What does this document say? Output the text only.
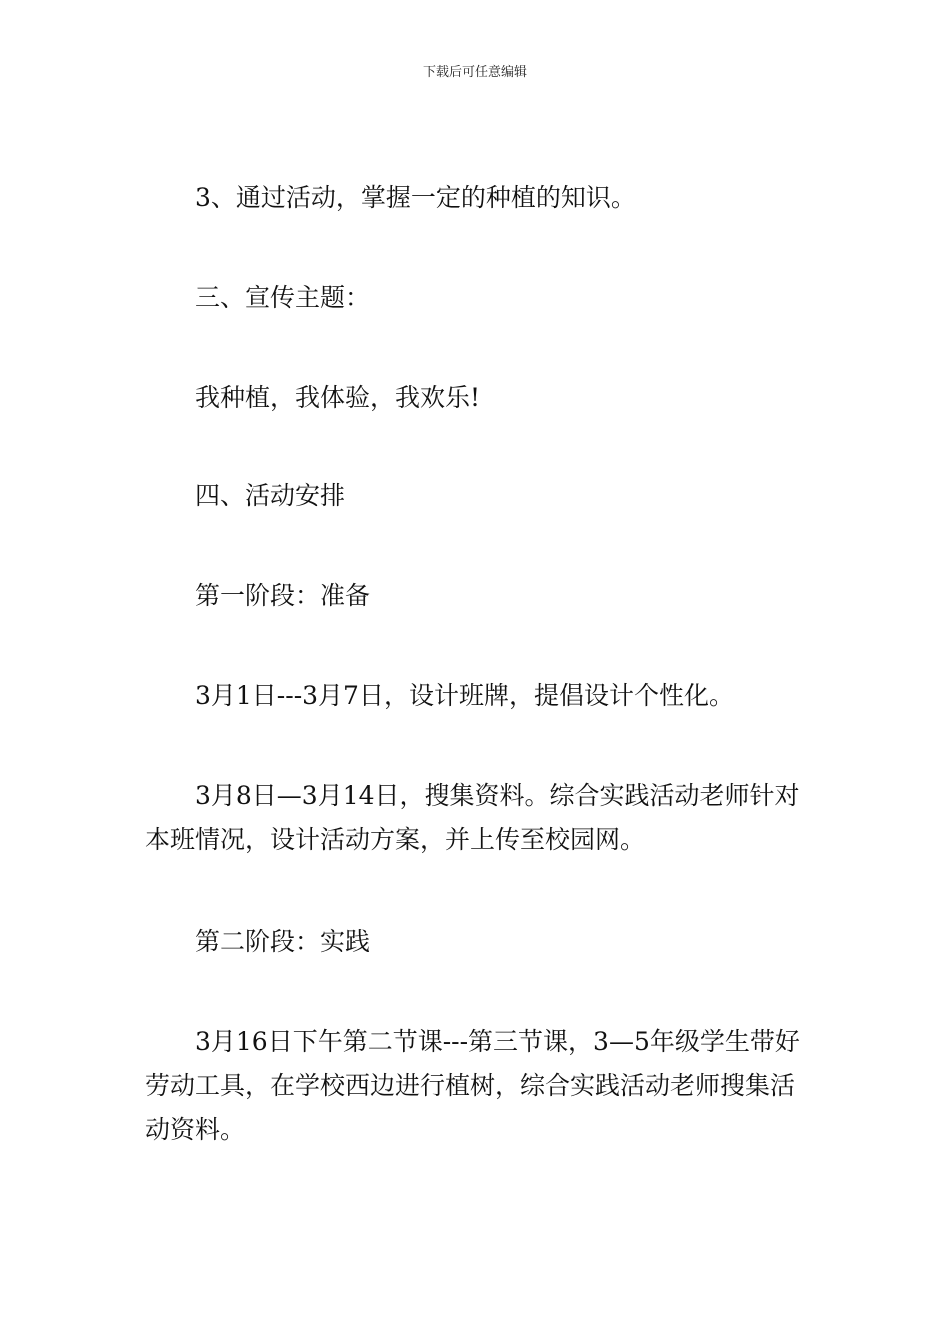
下载后可任意编辑

3、通过活动，掌握一定的种植的知识。

三、宣传主题：

我种植，我体验，我欢乐!

四、活动安排

第一阶段：准备

3月1日---3月7日，设计班牌，提倡设计个性化。

3月8日—3月14日，搜集资料。综合实践活动老师针对本班情况，设计活动方案，并上传至校园网。

第二阶段：实践

3月16日下午第二节课---第三节课，3—5年级学生带好劳动工具，在学校西边进行植树，综合实践活动老师搜集活动资料。
